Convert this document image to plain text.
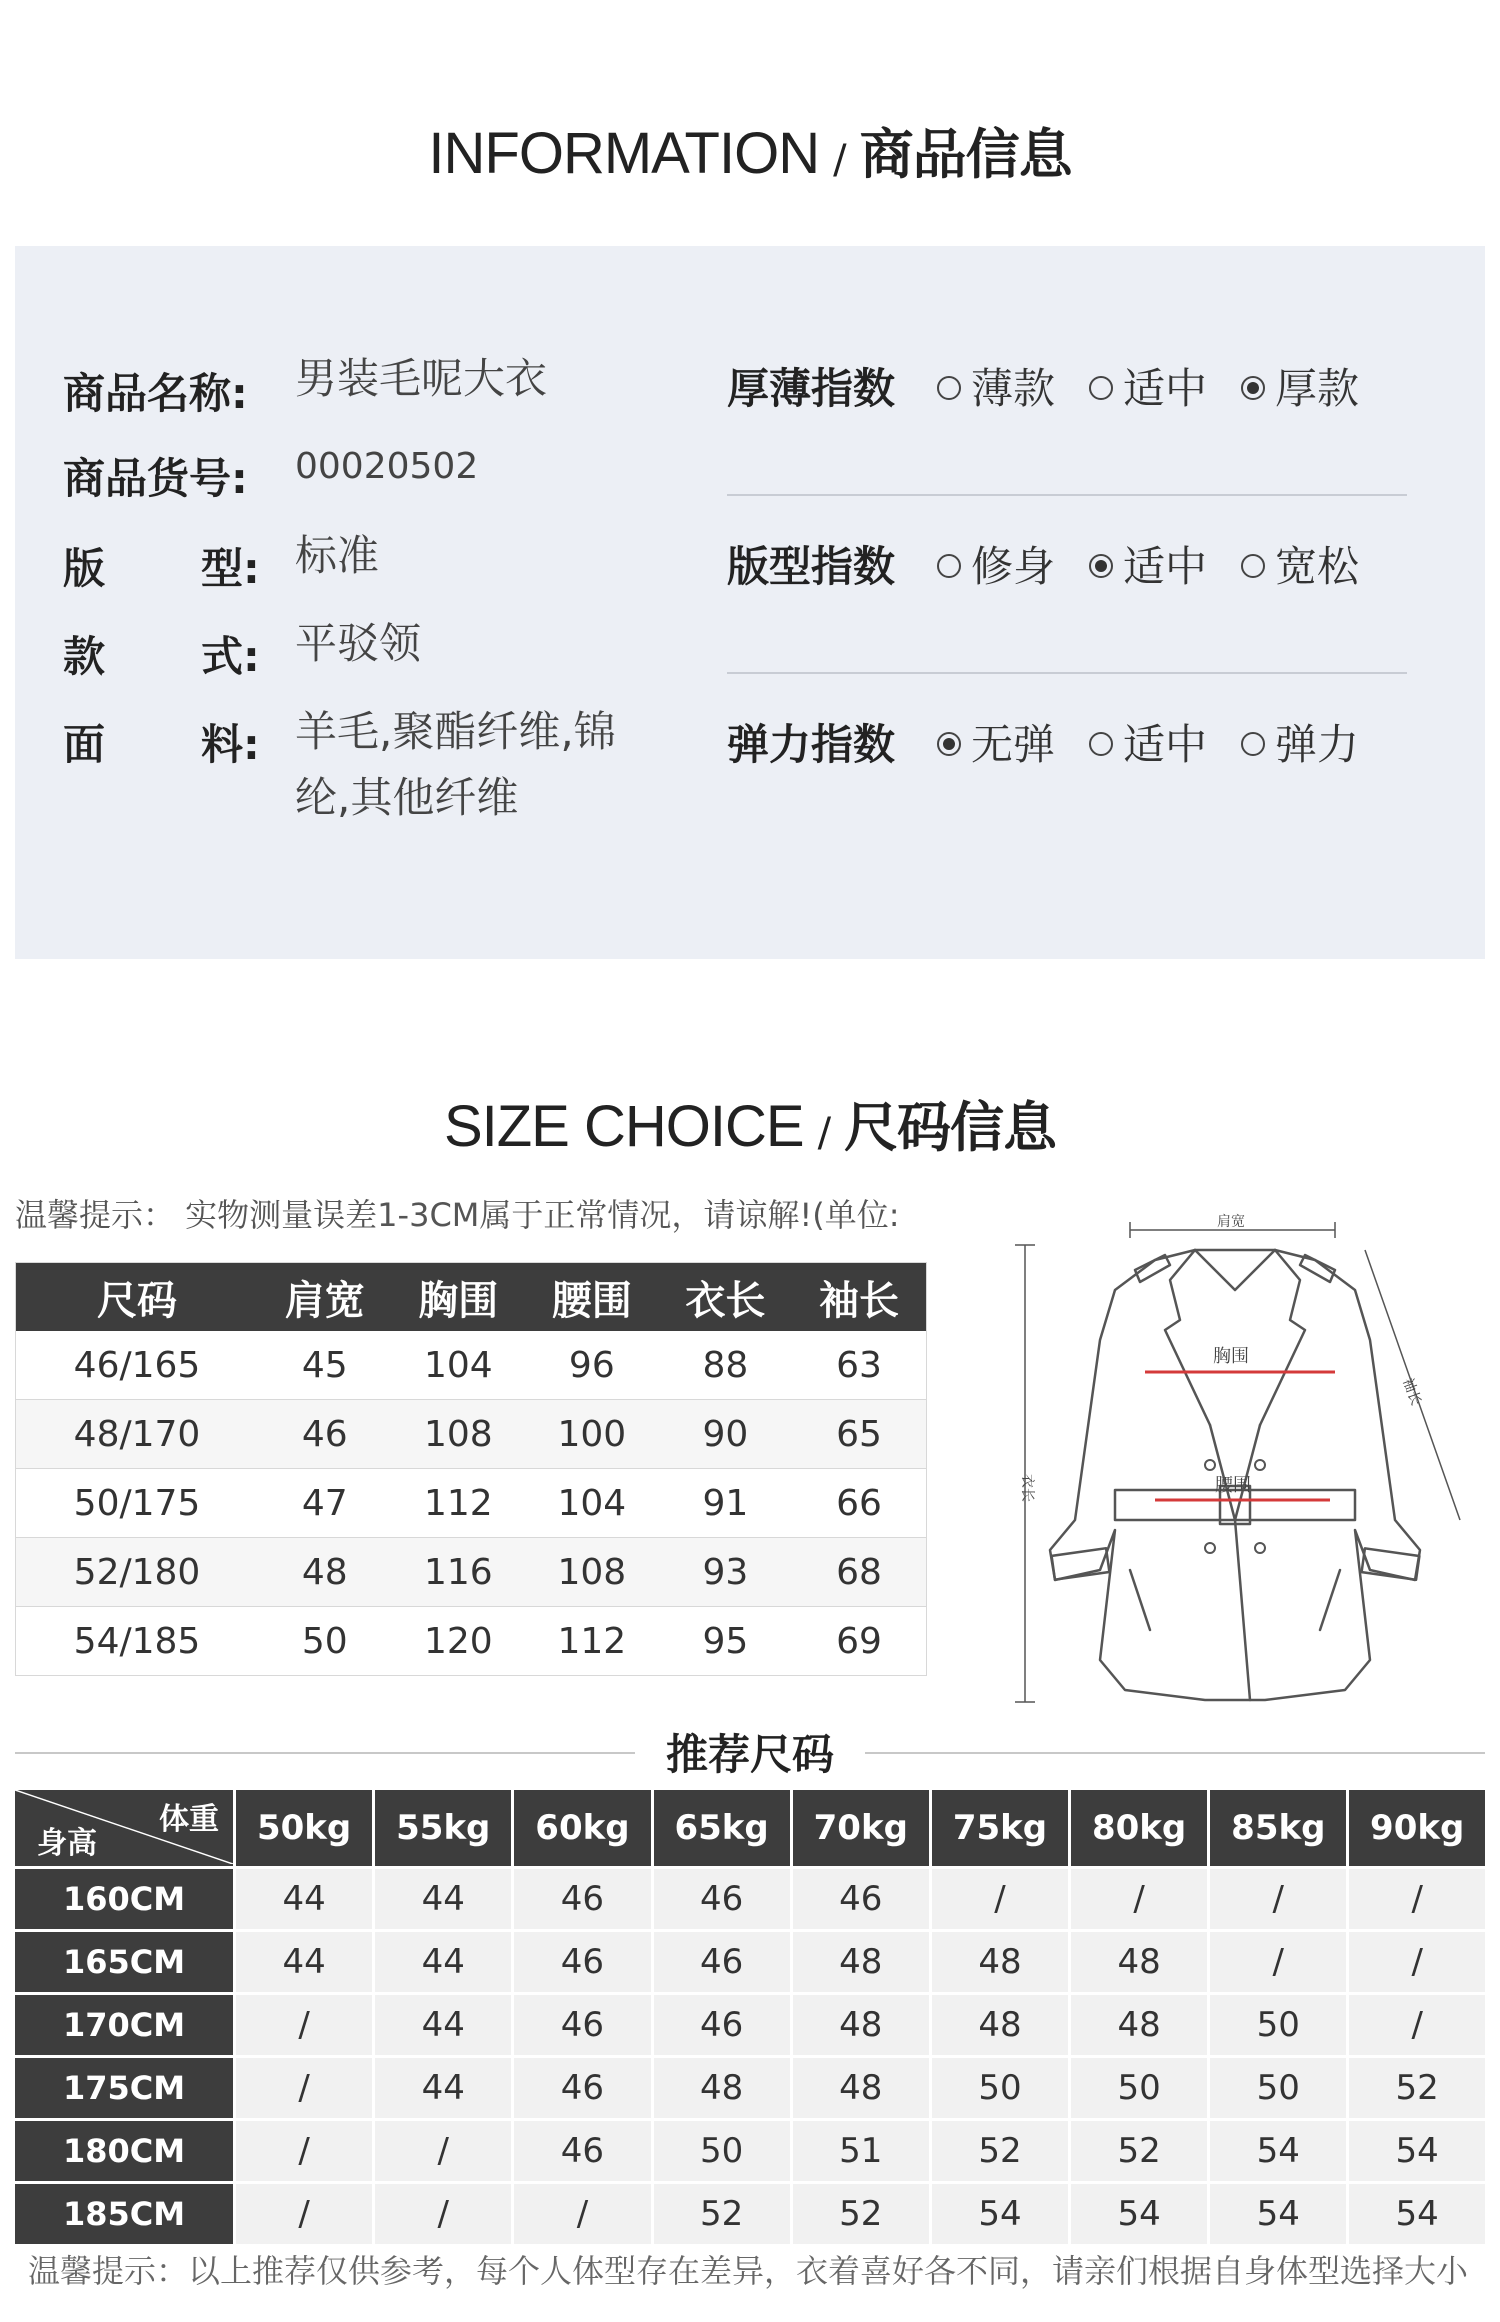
INFORMATION / 商品信息
商品名称:	男装毛呢大衣
商品货号:	00020502
版 型: 标准
款 式: 平驳领
面 料: 羊毛,聚酯纤维,锦
纶,其他纤维
厚薄指数	薄款	适中	厚款
版型指数	修身	适中	宽松
弹力指数	无弹	适中	弹力
SIZE CHOICE / 尺码信息
温馨提示： 实物测量误差1-3CM属于正常情况，请谅解!(单位:
尺码	肩宽	胸围	腰围	衣长	袖长
46/165	45	104	96	88	63
48/170	46	108	100	90	65
50/175	47	112	104	91	66
52/180	48	116	108	93	68
54/185	50	120	112	95	69
肩宽
胸围
腰围
衣长
袖长
推荐尺码
体重
身高	50kg	55kg	60kg	65kg	70kg	75kg	80kg	85kg	90kg
160CM	44	44	46	46	46	/	/	/	/
165CM	44	44	46	46	48	48	48	/	/
170CM	/	44	46	46	48	48	48	50	/
175CM	/	44	46	48	48	50	50	50	52
180CM	/	/	46	50	51	52	52	54	54
185CM	/	/	/	52	52	54	54	54	54
温馨提示：以上推荐仅供参考，每个人体型存在差异，衣着喜好各不同，请亲们根据自身体型选择大小
